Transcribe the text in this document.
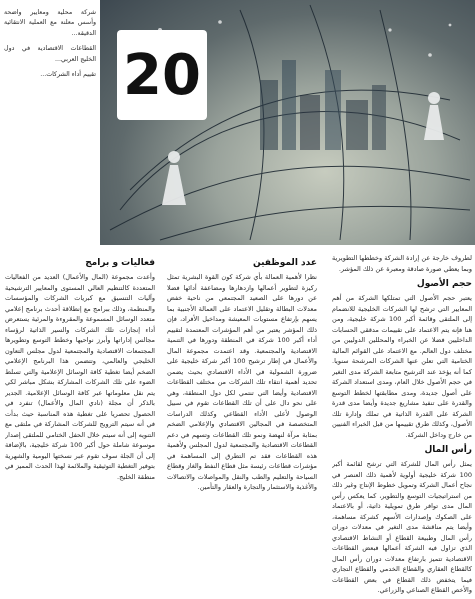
شركة محلية ومعايير واضحة وأسس معلنة مع العملية الانتقائية الدقيقة...

القطاعات الاقتصادية في دول الخليج العربي...

تقييم أداء الشركات... 20

لطروف خارجة عن إرادة الشركة وخططها التطويرية وبما يعطي صورة صادقة ومعبرة عن ذلك المؤشر.

حجم الأصول

يعتبر حجم الأصول التي تمتلكها الشركة من أهم المعايير التي ترشح لها الشركات الخليجية للانضمام إلى الملتقى وقائمة أكبر 100 شركة خليجية، ومن هنا فإنه يتم الاعتماد على تقييمات مدققي الحسابات الداخليين فضلا عن الخبراء والمحللين الدوليين من مختلف دول العالم. مع الاعتماد على القوائم المالية الختامية التي تعلن عنها الشركات المرشحة سنويا. كما أنه يؤخذ عند الترشيح متابعة الشركة مدى التغير في حجم الأصول خلال العام، ومدى استعداد الشركة على أصول جديدة، ومدى مطابقتها لخطط التوسع والقدرة على تنفيذ مشاريع جديدة وأيضا مدى قدرة الشركة على القدرة الذاتية في تملك وإدارة تلك الأصول، وكذلك طرق تقييمها من قبل الخبراء الفنيين من خارج وداخل الشركة.

رأس المال

يمثل رأس المال للشركة التي ترشح لقائمة أكبر 100 شركة خليجية أولوية لأهمية ذلك العنصر في نجاح أعمال الشركة وتمويل خطوط الإنتاج وغير ذلك من استراتيجيات التوسع والتطوير، كما يعكس رأس المال مدى توافر طرق تمويلية ذاتية، أو بالاعتماد على الصكوك وإصدارات الأسهم كشركة مساهمة، وأيضا يتم مناقشة مدى التغير في معدلات دوران رأس المال وطبيعة القطاع أو النشاط الاقتصادي الذي تزاول فيه الشركة أعمالها فبعض القطاعات الاقتصادية تتميز بارتفاع معدلات دوران رأس المال كالقطاع العقاري والقطاع الخدمي والقطاع التجاري فيما يتخفض ذلك القطاع في بعض القطاعات والأخص القطاع الصناعي والزراعي.

عدد الموظفين

نظرا لأهمية العمالة بأي شركة كون القوة البشرية تمثل ركيزة لتطوير أعمالها وازدهارها ومضاعفة أدائها فضلا عن دورها على الصعيد المجتمعي من ناحية خفض معدلات البطالة وتقليل الاعتماد على العمالة الأجنبية بما يسهم بإرتفاع مستويات المعيشة ومداخيل الأفراد، فإن ذلك المؤشر يعتبر من أهم المؤشرات المعتمدة لتقييم أداء أكبر 100 شركة في المنطقة ودورها في التنمية الاقتصادية والمجتمعية. وقد اعتمدت مجموعة المال والأعمال في إطار ترشيح 100 أكبر شركة خليجية على ضرورة الشمولية في الأداء الاقتصادي بحيث يضمن تحديد أهمية انتقاء تلك الشركات من مختلف القطاعات الاقتصادية وأيضا التي تنتمي لكل دول المنطقة، وهي على نحو دال على أن تلك القطاعات تقوم في سبيل الوصول لأعلى الأداء القطاعي وكذلك الدراسات المتخصصة في المجالين الاقتصادي والإعلامي الضخم بمثابة مرآة لنهضة ونمو تلك القطاعات وتسهم في دعم القطاعات الاقتصادية والمجتمعية لدول المجلس ولأهمية هذه القطاعات فقد تم التطرق إلى المساهمة في مؤشرات قطاعات رئيسة مثل قطاع النفط والغاز وقطاع السياحة والتعليم والطب والنقل والمواصلات والاتصالات والأغذية والاستثمار والتجارة والعقار والتأمين.

فعاليات و برامج

وأعدت مجموعة (المال والأعمال) العديد من الفعاليات المتعددة كالتنظيم العالي المستوى والمعايير الترشيحية وآليات التنسيق مع كبريات الشركات والمؤسسات والمنظمة، وذلك ببرامج مع إنطلاقة أحدث برنامج إعلامي متعدد الوسائل المسموعة والمقروءة والمرئية يستعرض أداء إنجازات تلك الشركات والسير الذاتية لرؤساء مجالس إداراتها وأبرز نواحيها وخطط التوسع وتطويرها المجتمعات الاقتصادية والمجتمعية لدول مجلس التعاون الخليجي والعالمي، وتتضمن هذا البرنامج الإعلامي الضخم أيضا تغطية كافة الوسائل الإعلامية والتي تسلط الضوء على تلك الشركات المشاركة بشكل مباشر لكي يتم نقل معلوماتها عبر كافة الوسائل الإعلامية. الجدير بالذكر أن مجلة (نادي المال والأعمال) تنفرد في الحصول تحصريا على تغطية هذه المناسبة حيث بدأت في أنه سيتم الترويج للشركات المشاركة في ملتقى مع التنويه إلى أنه سيتم خلال الحفل الختامي للملتقى إصدار موسوعة شاملة حول أكبر 100 شركة خليجية، بالإضافة إلى أن الجلة سوف تقوم عبر نسختها اليومية والشهرية بتوفير التغطية التوثيقية والملائمة لهذا الحدث المميز في منطقة الخليج.
